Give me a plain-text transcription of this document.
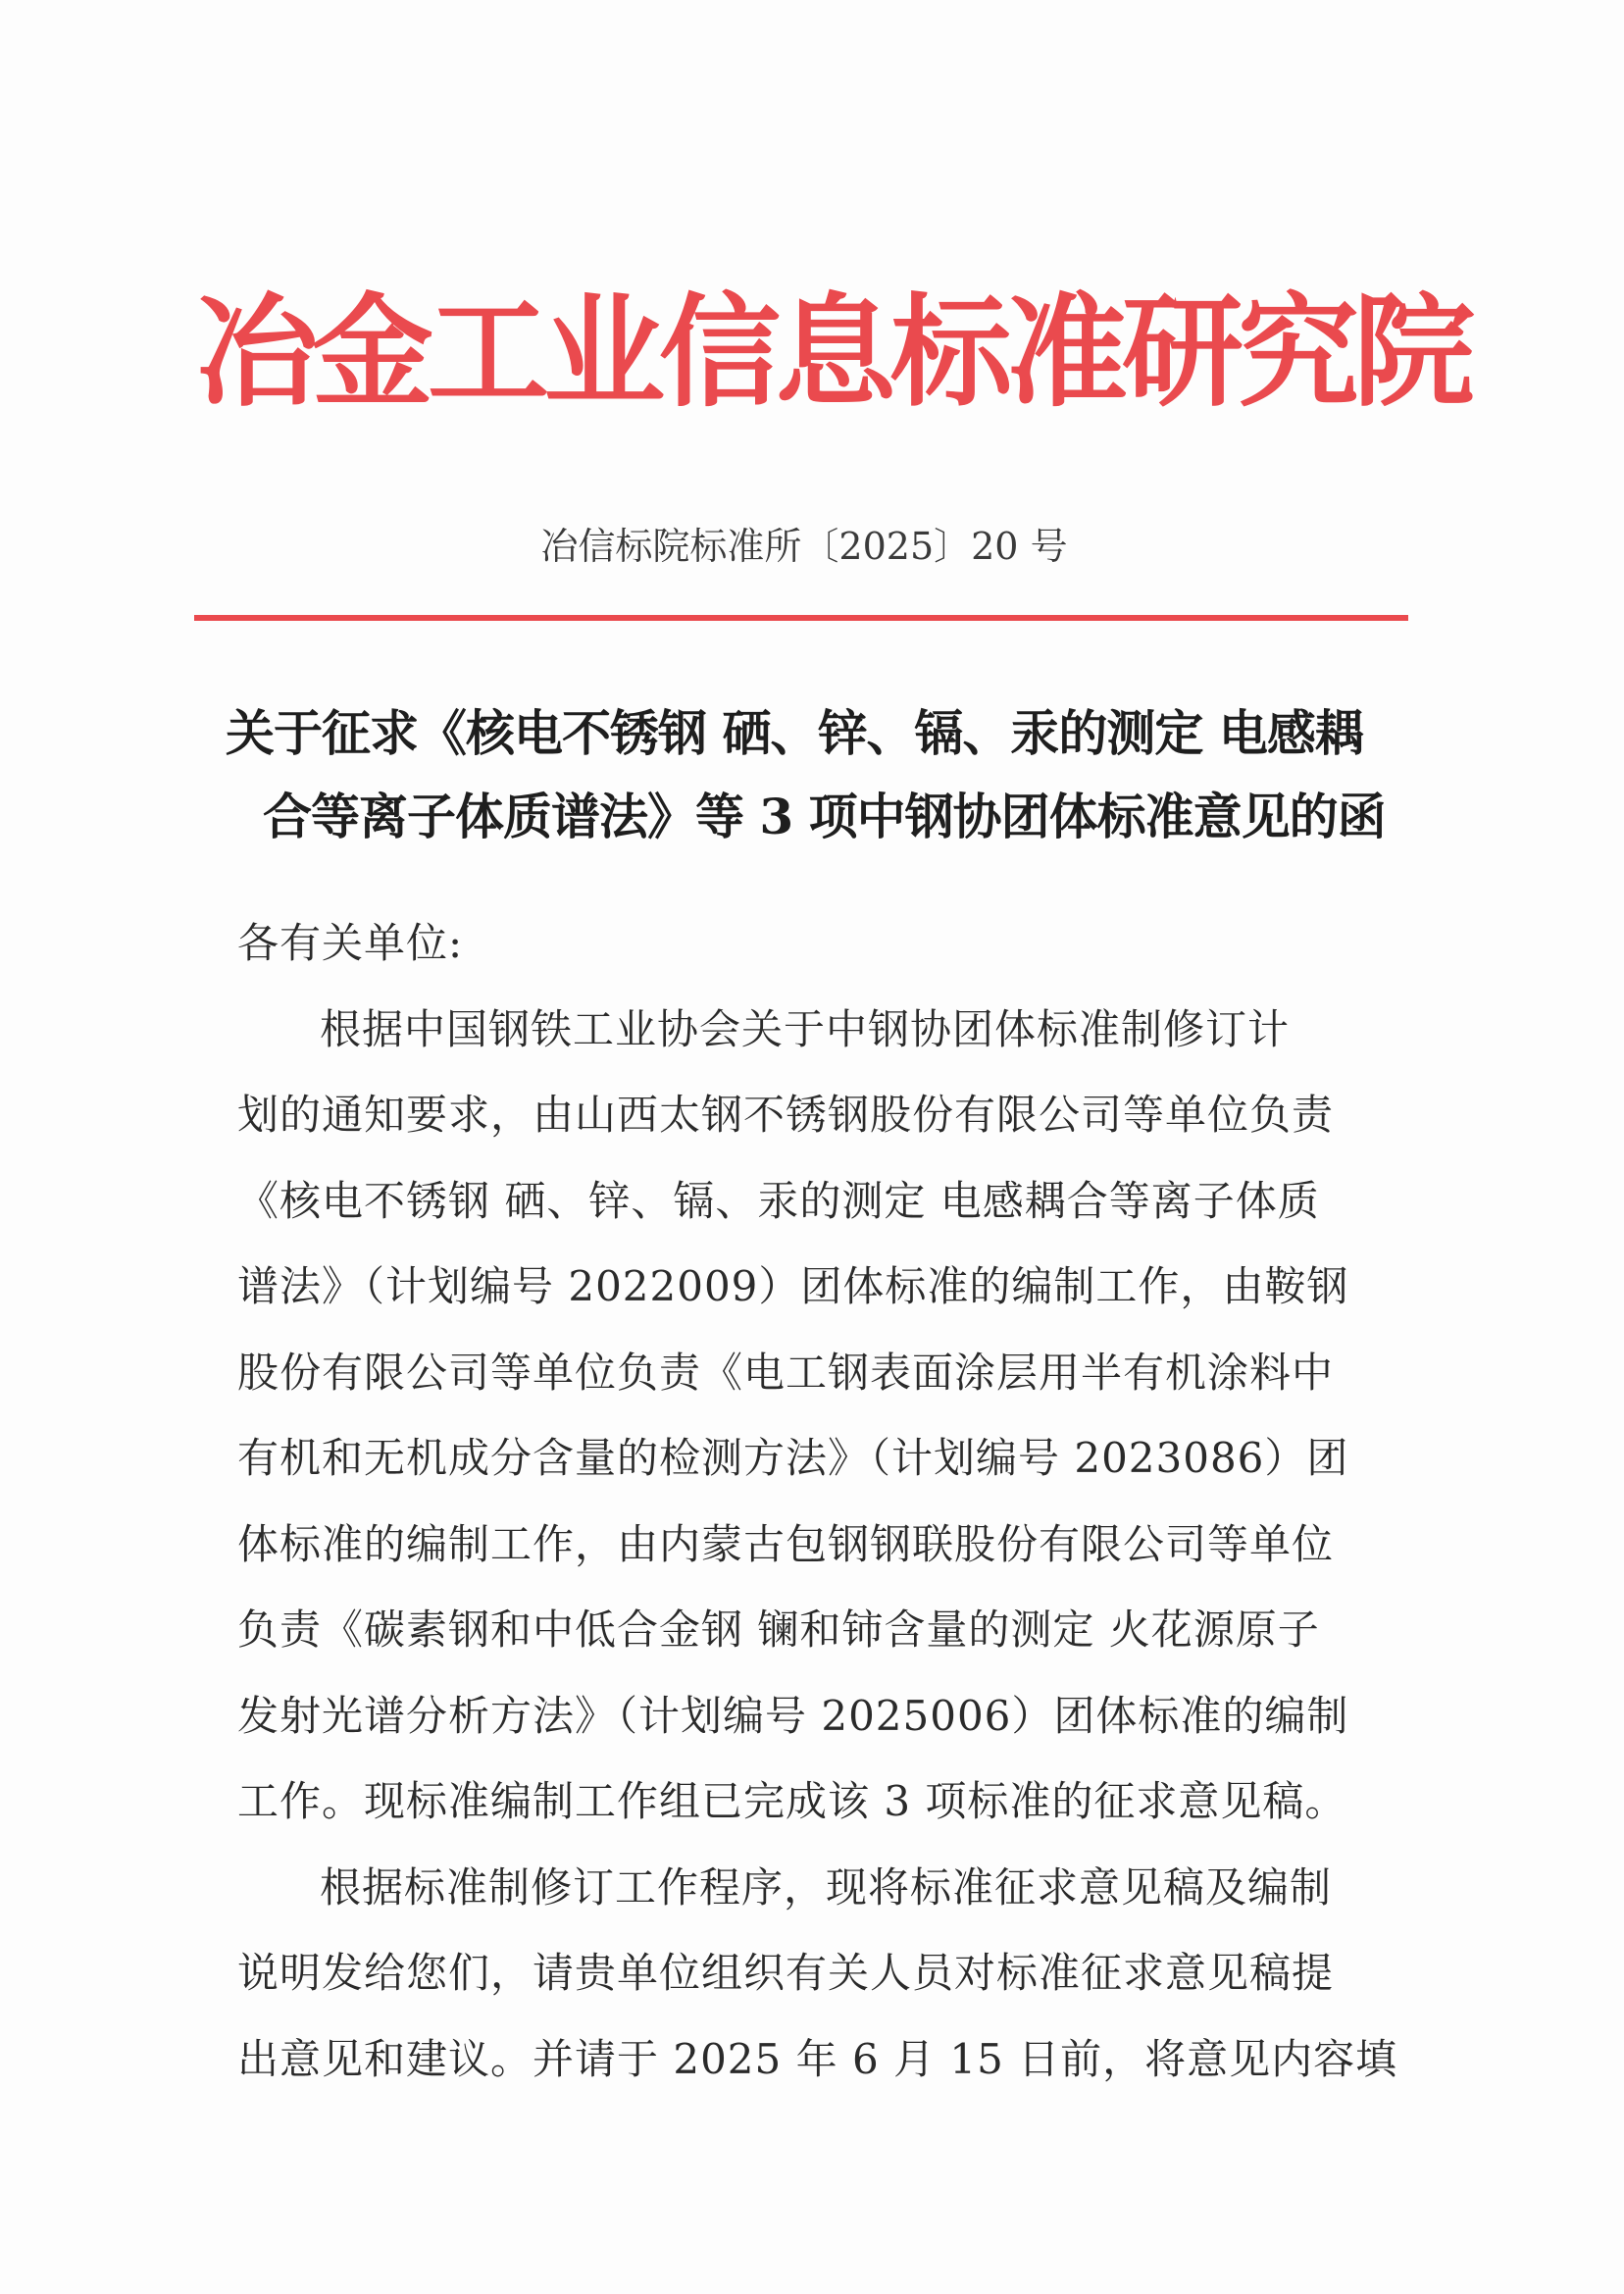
冶金工业信息标准研究院
冶信标院标准所〔2025〕20 号
关于征求《核电不锈钢 硒、锌、镉、汞的测定 电感耦
合等离子体质谱法》等 3 项中钢协团体标准意见的函
各有关单位:
根据中国钢铁工业协会关于中钢协团体标准制修订计
划的通知要求，由山西太钢不锈钢股份有限公司等单位负责
《核电不锈钢 硒、锌、镉、汞的测定 电感耦合等离子体质
谱法》（计划编号 2022009）团体标准的编制工作，由鞍钢
股份有限公司等单位负责《电工钢表面涂层用半有机涂料中
有机和无机成分含量的检测方法》（计划编号 2023086）团
体标准的编制工作，由内蒙古包钢钢联股份有限公司等单位
负责《碳素钢和中低合金钢 镧和铈含量的测定 火花源原子
发射光谱分析方法》（计划编号 2025006）团体标准的编制
工作。现标准编制工作组已完成该 3 项标准的征求意见稿。
根据标准制修订工作程序，现将标准征求意见稿及编制
说明发给您们，请贵单位组织有关人员对标准征求意见稿提
出意见和建议。并请于 2025 年 6 月 15 日前，将意见内容填
